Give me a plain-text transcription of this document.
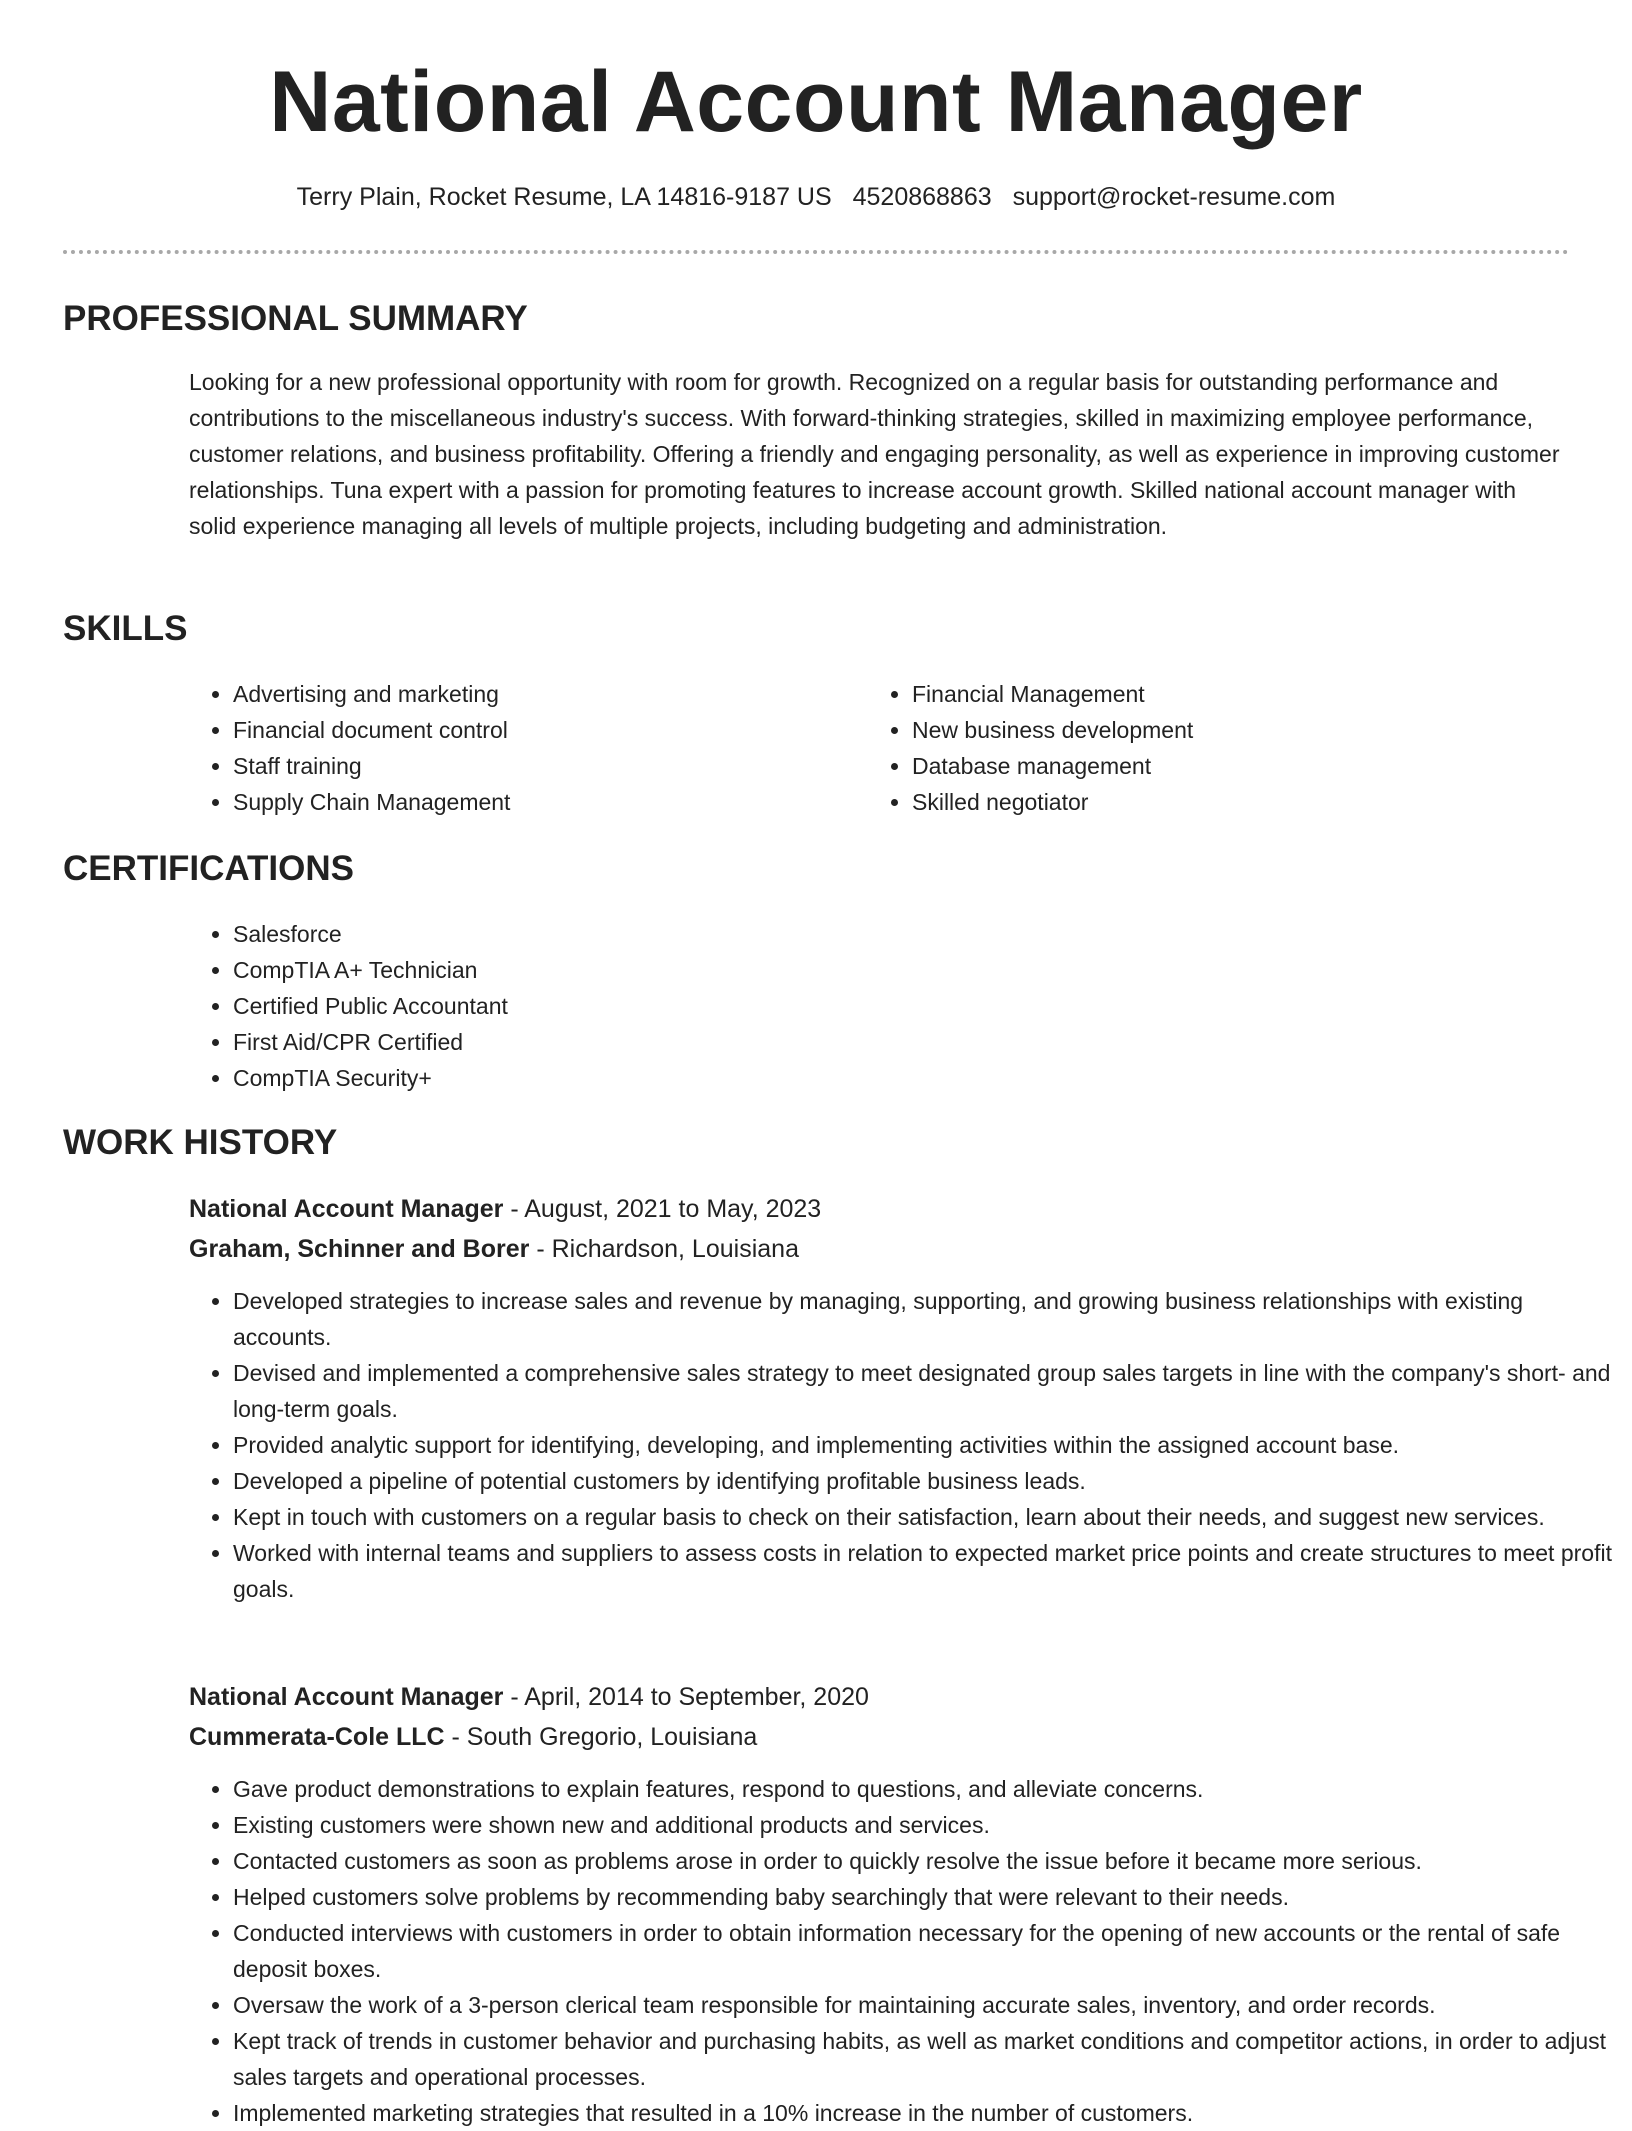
National Account Manager
Terry Plain, Rocket Resume, LA 14816-9187 US 4520868863 support@rocket-resume.com
PROFESSIONAL SUMMARY

Looking for a new professional opportunity with room for growth. Recognized on a regular basis for outstanding performance and contributions to the miscellaneous industry's success. With forward-thinking strategies, skilled in maximizing employee performance, customer relations, and business profitability. Offering a friendly and engaging personality, as well as experience in improving customer relationships. Tuna expert with a passion for promoting features to increase account growth. Skilled national account manager with solid experience managing all levels of multiple projects, including budgeting and administration.

SKILLS
• Advertising and marketing
• Financial document control
• Staff training
• Supply Chain Management
• Financial Management
• New business development
• Database management
• Skilled negotiator
CERTIFICATIONS
• Salesforce
• CompTIA A+ Technician
• Certified Public Accountant
• First Aid/CPR Certified
• CompTIA Security+
WORK HISTORY
National Account Manager - August, 2021 to May, 2023
Graham, Schinner and Borer - Richardson, Louisiana
• Developed strategies to increase sales and revenue by managing, supporting, and growing business relationships with existing accounts.
• Devised and implemented a comprehensive sales strategy to meet designated group sales targets in line with the company's short- and long-term goals.
• Provided analytic support for identifying, developing, and implementing activities within the assigned account base.
• Developed a pipeline of potential customers by identifying profitable business leads.
• Kept in touch with customers on a regular basis to check on their satisfaction, learn about their needs, and suggest new services.
• Worked with internal teams and suppliers to assess costs in relation to expected market price points and create structures to meet profit goals.
National Account Manager - April, 2014 to September, 2020
Cummerata-Cole LLC - South Gregorio, Louisiana
• Gave product demonstrations to explain features, respond to questions, and alleviate concerns.
• Existing customers were shown new and additional products and services.
• Contacted customers as soon as problems arose in order to quickly resolve the issue before it became more serious.
• Helped customers solve problems by recommending baby searchingly that were relevant to their needs.
• Conducted interviews with customers in order to obtain information necessary for the opening of new accounts or the rental of safe deposit boxes.
• Oversaw the work of a 3-person clerical team responsible for maintaining accurate sales, inventory, and order records.
• Kept track of trends in customer behavior and purchasing habits, as well as market conditions and competitor actions, in order to adjust sales targets and operational processes.
• Implemented marketing strategies that resulted in a 10% increase in the number of customers.
